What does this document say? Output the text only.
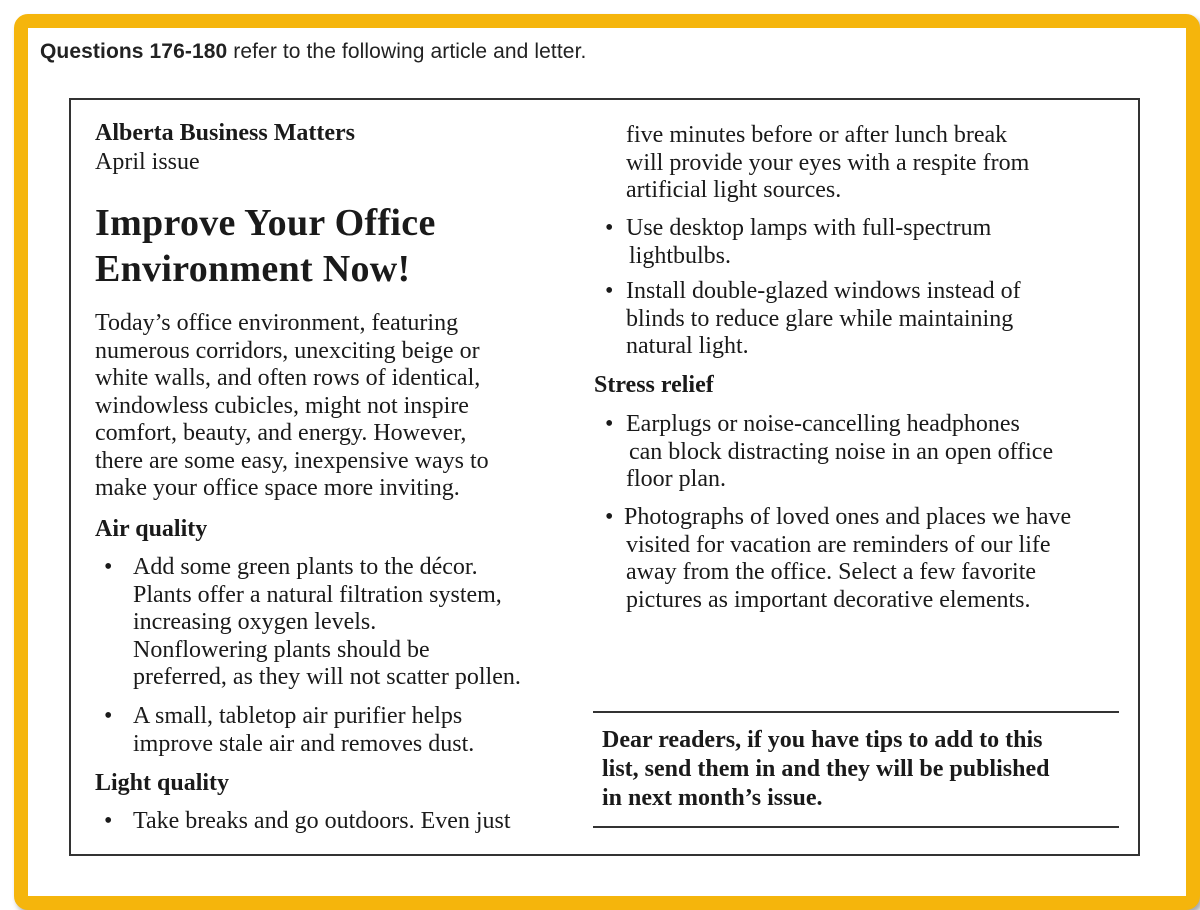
Questions 176-180 refer to the following article and letter.
Alberta Business Matters
April issue
Improve Your Office
Environment Now!
Today’s office environment, featuring
numerous corridors, unexciting beige or
white walls, and often rows of identical,
windowless cubicles, might not inspire
comfort, beauty, and energy. However,
there are some easy, inexpensive ways to
make your office space more inviting.
Air quality
• Add some green plants to the décor.
Plants offer a natural filtration system,
increasing oxygen levels.
Nonflowering plants should be
preferred, as they will not scatter pollen.
• A small, tabletop air purifier helps
improve stale air and removes dust.
Light quality
• Take breaks and go outdoors. Even just
five minutes before or after lunch break
will provide your eyes with a respite from
artificial light sources.
• Use desktop lamps with full-spectrum
lightbulbs.
• Install double-glazed windows instead of
blinds to reduce glare while maintaining
natural light.
Stress relief
• Earplugs or noise-cancelling headphones
can block distracting noise in an open office
floor plan.
• Photographs of loved ones and places we have
visited for vacation are reminders of our life
away from the office. Select a few favorite
pictures as important decorative elements.
Dear readers, if you have tips to add to this
list, send them in and they will be published
in next month’s issue.
